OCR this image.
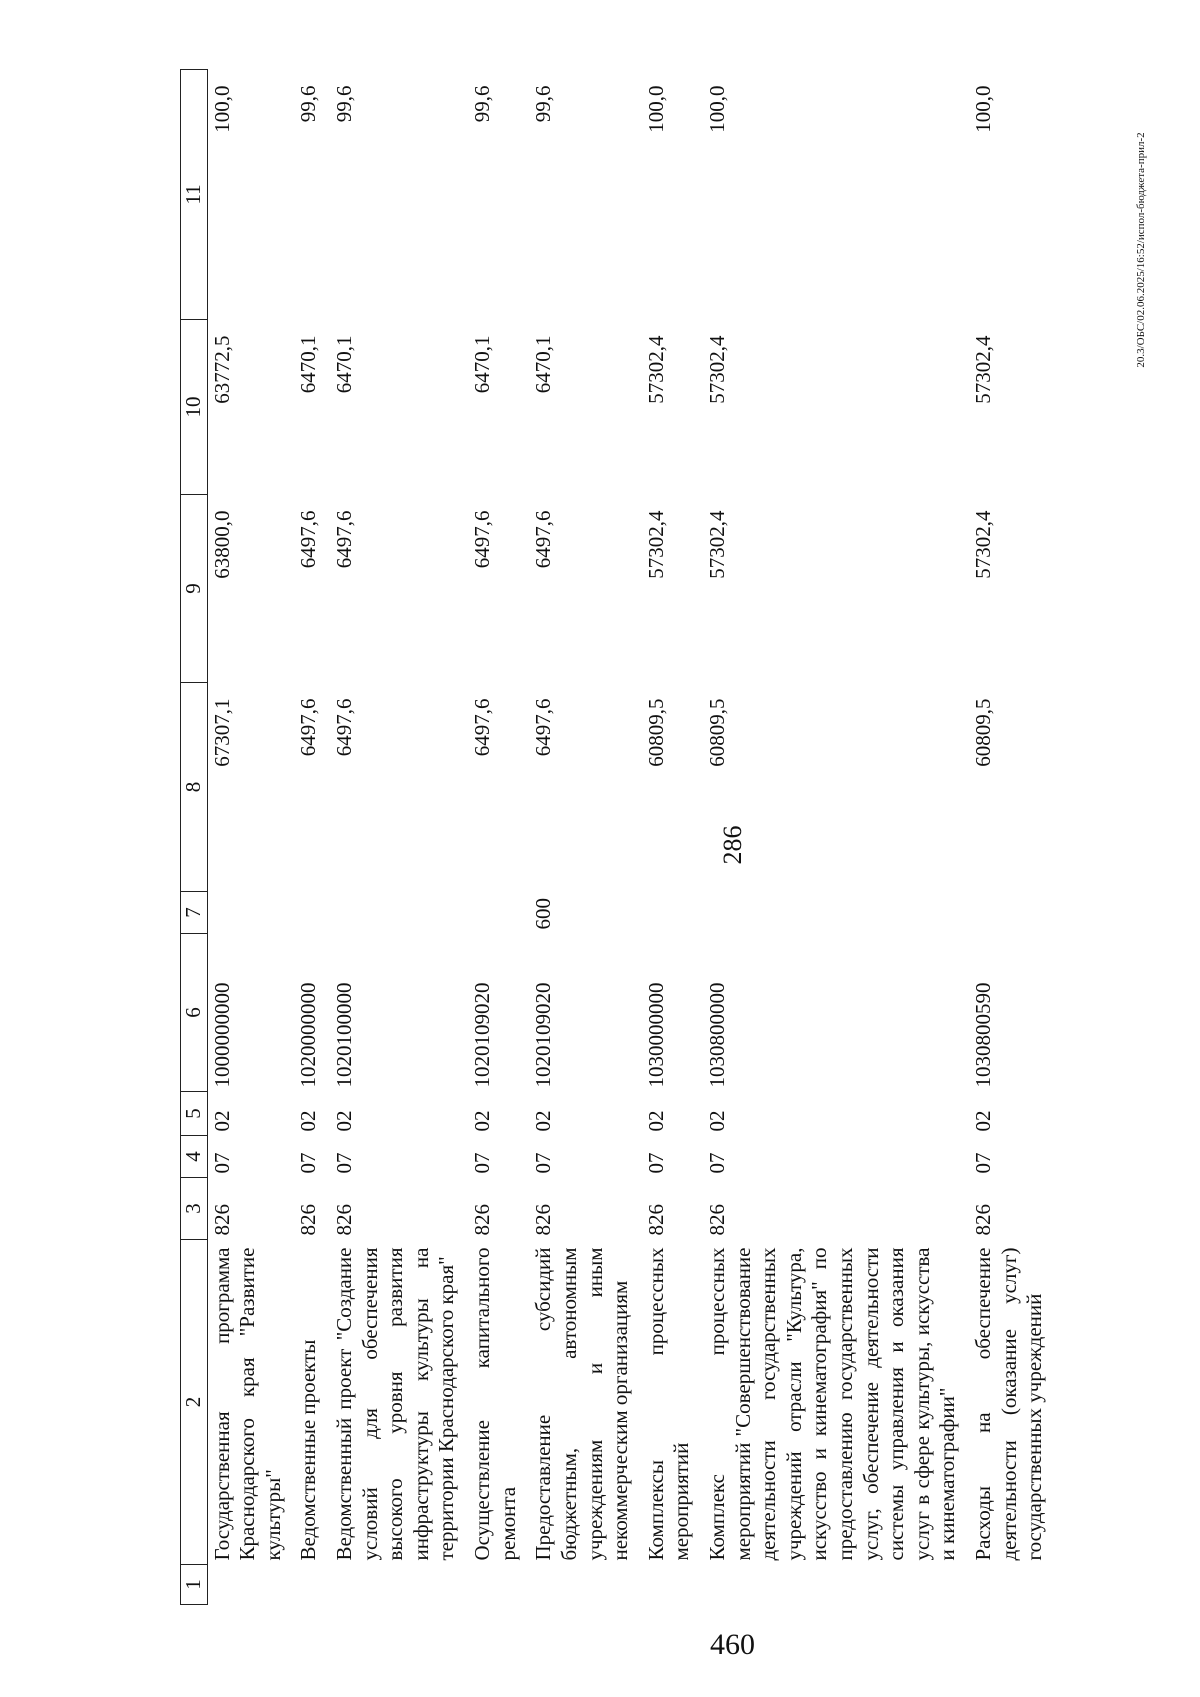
286
20.3/ОБС/02.06.2025/16:52/испол-бюджета-прил-2
460
1	2	3	4	5	6	7	8	9	10	11
	Государственная программа Краснодарского края "Развитие культуры"	826	07	02	1000000000		67307,1	63800,0	63772,5	100,0
	Ведомственные проекты	826	07	02	1020000000		6497,6	6497,6	6470,1	99,6
	Ведомственный проект "Создание условий для обеспечения высокого уровня развития инфраструктуры культуры на территории Краснодарского края"	826	07	02	1020100000		6497,6	6497,6	6470,1	99,6
	Осуществление капитального ремонта	826	07	02	1020109020		6497,6	6497,6	6470,1	99,6
	Предоставление субсидий бюджетным, автономным учреждениям и иным некоммерческим организациям	826	07	02	1020109020	600	6497,6	6497,6	6470,1	99,6
	Комплексы процессных мероприятий	826	07	02	1030000000		60809,5	57302,4	57302,4	100,0
	Комплекс процессных мероприятий "Совершенствование деятельности государственных учреждений отрасли "Культура, искусство и кинематография" по предоставлению государственных услуг, обеспечение деятельности системы управления и оказания услуг в сфере культуры, искусства и кинематографии"	826	07	02	1030800000		60809,5	57302,4	57302,4	100,0
	Расходы на обеспечение деятельности (оказание услуг) государственных учреждений	826	07	02	1030800590		60809,5	57302,4	57302,4	100,0
